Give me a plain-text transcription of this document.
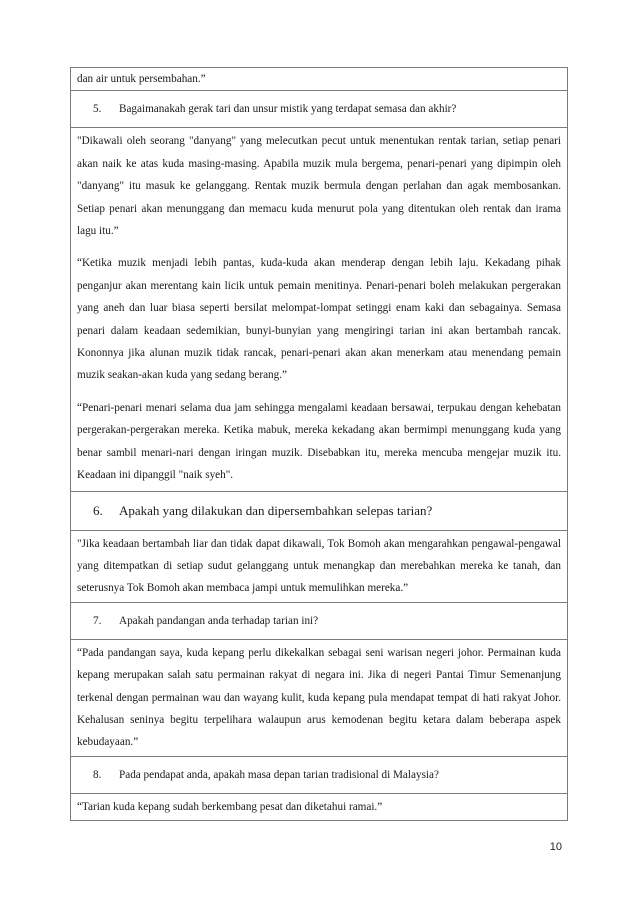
dan air untuk persembahan.”

5. Bagaimanakah gerak tari dan unsur mistik yang terdapat semasa dan akhir?

"Dikawali oleh seorang "danyang" yang melecutkan pecut untuk menentukan rentak tarian, setiap penari akan naik ke atas kuda masing-masing. Apabila muzik mula bergema, penari-penari yang dipimpin oleh "danyang" itu masuk ke gelanggang. Rentak muzik bermula dengan perlahan dan agak membosankan. Setiap penari akan menunggang dan memacu kuda menurut pola yang ditentukan oleh rentak dan irama lagu itu.”

“Ketika muzik menjadi lebih pantas, kuda-kuda akan menderap dengan lebih laju. Kekadang pihak penganjur akan merentang kain licik untuk pemain menitinya. Penari-penari boleh melakukan pergerakan yang aneh dan luar biasa seperti bersilat melompat-lompat setinggi enam kaki dan sebagainya. Semasa penari dalam keadaan sedemikian, bunyi-bunyian yang mengiringi tarian ini akan bertambah rancak. Kononnya jika alunan muzik tidak rancak, penari-penari akan akan menerkam atau menendang pemain muzik seakan-akan kuda yang sedang berang.”

“Penari-penari menari selama dua jam sehingga mengalami keadaan bersawai, terpukau dengan kehebatan pergerakan-pergerakan mereka. Ketika mabuk, mereka kekadang akan bermimpi menunggang kuda yang benar sambil menari-nari dengan iringan muzik. Disebabkan itu, mereka mencuba mengejar muzik itu. Keadaan ini dipanggil "naik syeh".

6. Apakah yang dilakukan dan dipersembahkan selepas tarian?

"Jika keadaan bertambah liar dan tidak dapat dikawali, Tok Bomoh akan mengarahkan pengawal-pengawal yang ditempatkan di setiap sudut gelanggang untuk menangkap dan merebahkan mereka ke tanah, dan seterusnya Tok Bomoh akan membaca jampi untuk memulihkan mereka.”

7. Apakah pandangan anda terhadap tarian ini?

“Pada pandangan saya, kuda kepang perlu dikekalkan sebagai seni warisan negeri johor. Permainan kuda kepang merupakan salah satu permainan rakyat di negara ini. Jika di negeri Pantai Timur Semenanjung terkenal dengan permainan wau dan wayang kulit, kuda kepang pula mendapat tempat di hati rakyat Johor. Kehalusan seninya begitu terpelihara walaupun arus kemodenan begitu ketara dalam beberapa aspek kebudayaan.”

8. Pada pendapat anda, apakah masa depan tarian tradisional di Malaysia?

“Tarian kuda kepang sudah berkembang pesat dan diketahui ramai.”

10
